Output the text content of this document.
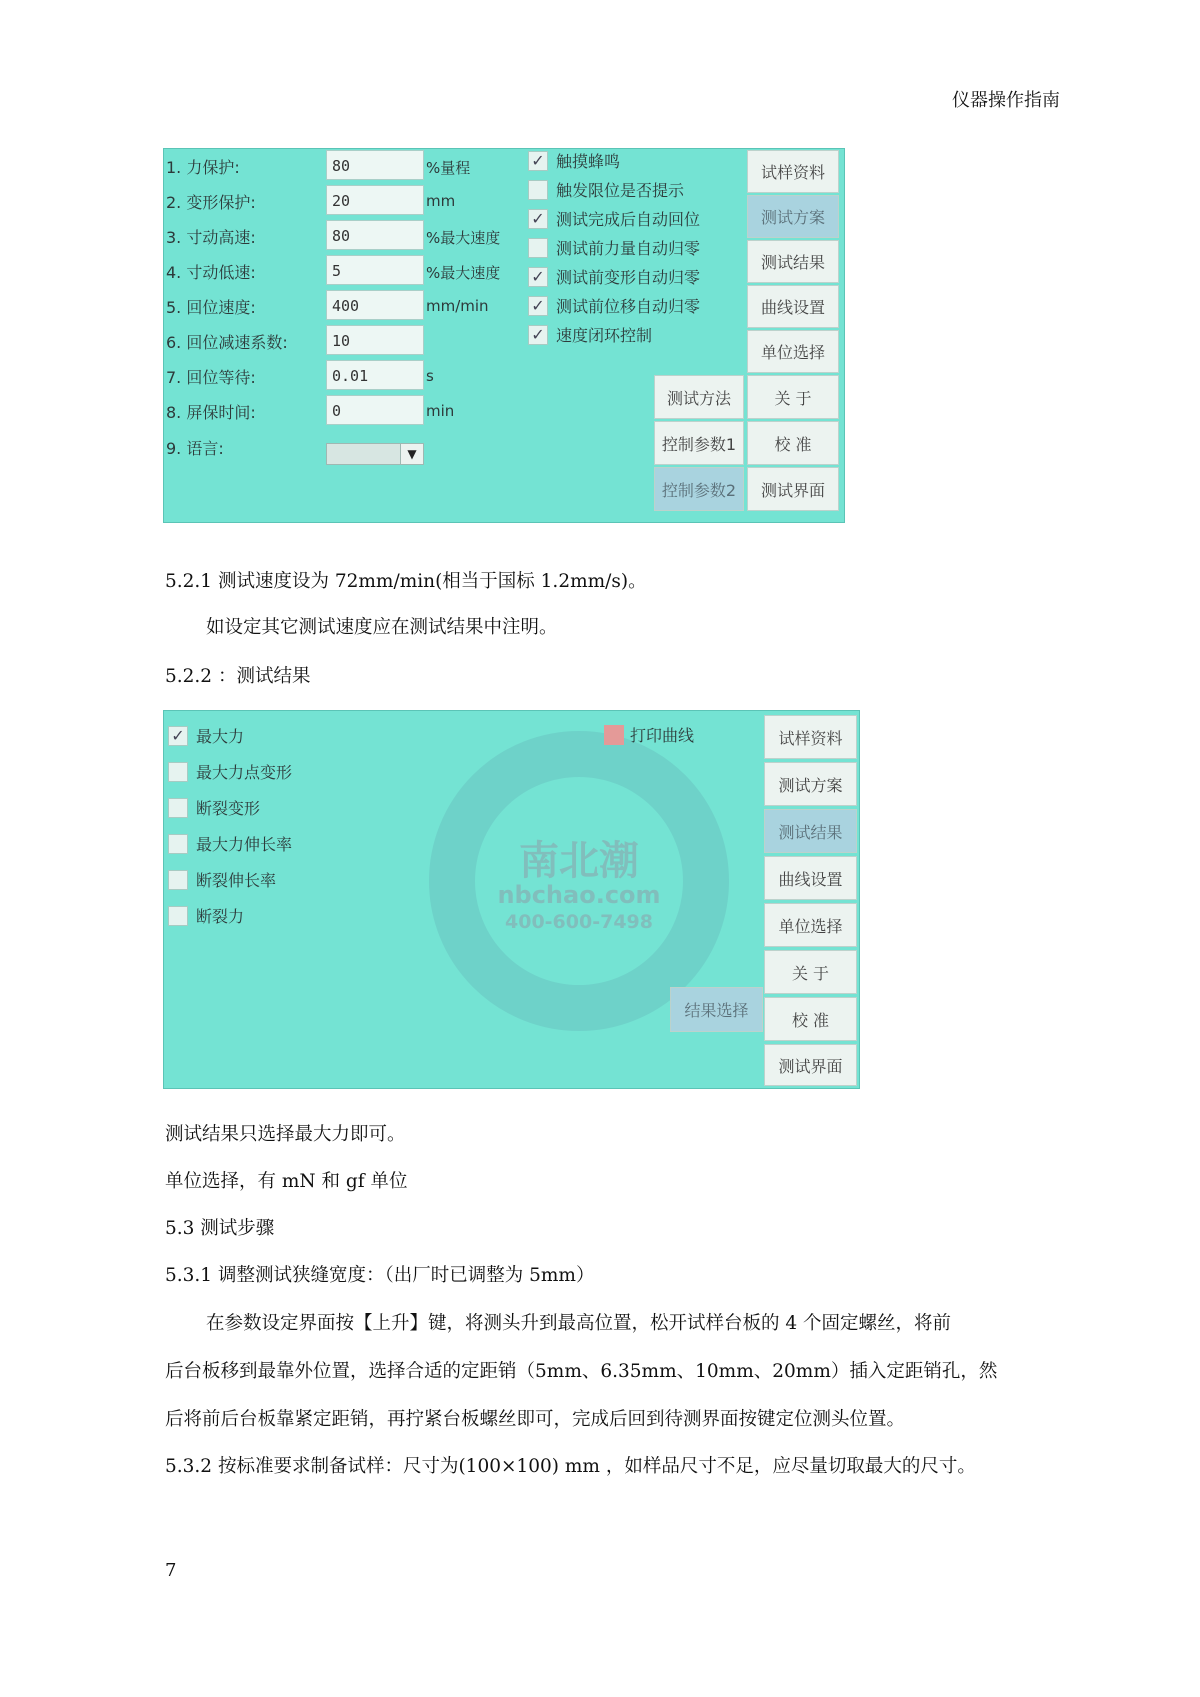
仪器操作指南
1. 力保护:
2. 变形保护:
3. 寸动高速:
4. 寸动低速:
5. 回位速度:
6. 回位减速系数:
7. 回位等待:
8. 屏保时间:
9. 语言:
80
20
80
5
400
10
0.01
0
▼
%量程
mm
%最大速度
%最大速度
mm/min
s
min
✓ 触摸蜂鸣
触发限位是否提示
✓ 测试完成后自动回位
测试前力量自动归零
✓ 测试前变形自动归零
✓ 测试前位移自动归零
✓ 速度闭环控制
测试方法
控制参数1
控制参数2
试样资料
测试方案
测试结果
曲线设置
单位选择
关 于
校 准
测试界面
5.2.1 测试速度设为 72mm/min(相当于国标 1.2mm/s)。
如设定其它测试速度应在测试结果中注明。
5.2.2 ：测试结果
南北潮
nbchao.com
400-600-7498
✓ 最大力
最大力点变形
断裂变形
最大力伸长率
断裂伸长率
断裂力
打印曲线
结果选择
试样资料
测试方案
测试结果
曲线设置
单位选择
关 于
校 准
测试界面
测试结果只选择最大力即可。
单位选择，有 mN 和 gf 单位
5.3 测试步骤
5.3.1 调整测试狭缝宽度：（出厂时已调整为 5mm）
在参数设定界面按【上升】键，将测头升到最高位置，松开试样台板的 4 个固定螺丝，将前
后台板移到最靠外位置，选择合适的定距销（5mm、6.35mm、10mm、20mm）插入定距销孔，然
后将前后台板靠紧定距销，再拧紧台板螺丝即可，完成后回到待测界面按键定位测头位置。
5.3.2 按标准要求制备试样：尺寸为(100×100) mm ，如样品尺寸不足，应尽量切取最大的尺寸。
7
